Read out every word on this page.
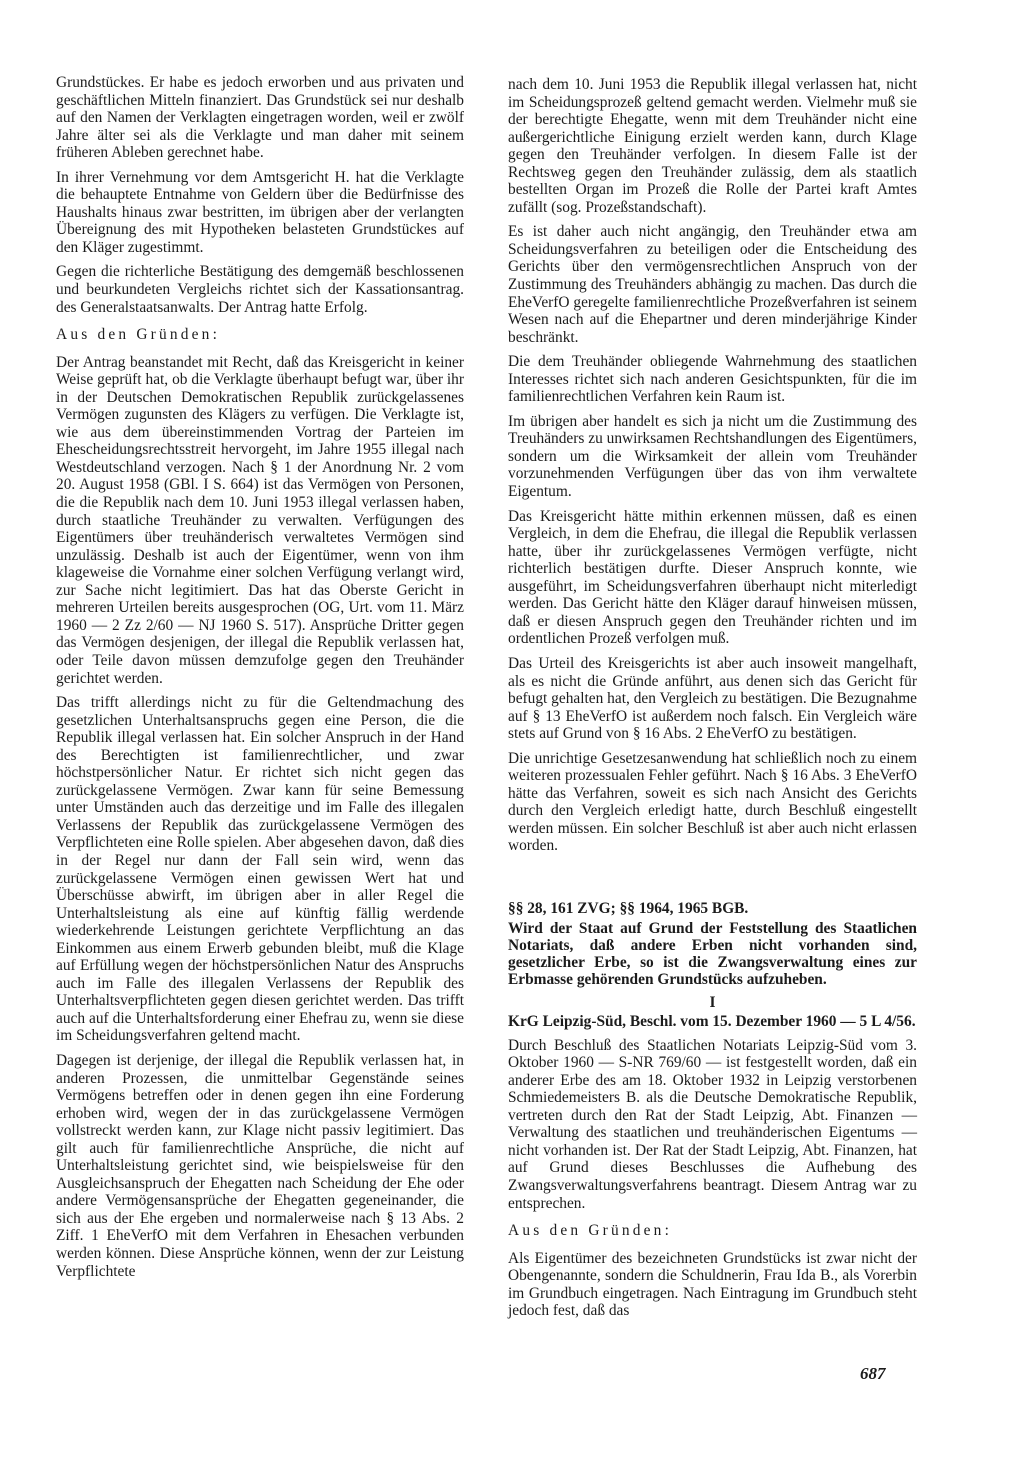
Grundstückes. Er habe es jedoch erworben und aus privaten und geschäftlichen Mitteln finanziert. Das Grundstück sei nur deshalb auf den Namen der Verklagten eingetragen worden, weil er zwölf Jahre älter sei als die Verklagte und man daher mit seinem früheren Ableben gerechnet habe.

In ihrer Vernehmung vor dem Amtsgericht H. hat die Verklagte die behauptete Entnahme von Geldern über die Bedürfnisse des Haushalts hinaus zwar bestritten, im übrigen aber der verlangten Übereignung des mit Hypotheken belasteten Grundstückes auf den Kläger zugestimmt.

Gegen die richterliche Bestätigung des demgemäß beschlossenen und beurkundeten Vergleichs richtet sich der Kassationsantrag. des Generalstaatsanwalts. Der Antrag hatte Erfolg.

Aus den Gründen:

Der Antrag beanstandet mit Recht, daß das Kreisgericht in keiner Weise geprüft hat, ob die Verklagte überhaupt befugt war, über ihr in der Deutschen Demokratischen Republik zurückgelassenes Vermögen zugunsten des Klägers zu verfügen. Die Verklagte ist, wie aus dem übereinstimmenden Vortrag der Parteien im Ehescheidungsrechtsstreit hervorgeht, im Jahre 1955 illegal nach Westdeutschland verzogen. Nach § 1 der Anordnung Nr. 2 vom 20. August 1958 (GBl. I S. 664) ist das Vermögen von Personen, die die Republik nach dem 10. Juni 1953 illegal verlassen haben, durch staatliche Treuhänder zu verwalten. Verfügungen des Eigentümers über treuhänderisch verwaltetes Vermögen sind unzulässig. Deshalb ist auch der Eigentümer, wenn von ihm klageweise die Vornahme einer solchen Verfügung verlangt wird, zur Sache nicht legitimiert. Das hat das Oberste Gericht in mehreren Urteilen bereits ausgesprochen (OG, Urt. vom 11. März 1960 — 2 Zz 2/60 — NJ 1960 S. 517). Ansprüche Dritter gegen das Vermögen desjenigen, der illegal die Republik verlassen hat, oder Teile davon müssen demzufolge gegen den Treuhänder gerichtet werden.

Das trifft allerdings nicht zu für die Geltendmachung des gesetzlichen Unterhaltsanspruchs gegen eine Person, die die Republik illegal verlassen hat. Ein solcher Anspruch in der Hand des Berechtigten ist familienrechtlicher, und zwar höchstpersönlicher Natur. Er richtet sich nicht gegen das zurückgelassene Vermögen. Zwar kann für seine Bemessung unter Umständen auch das derzeitige und im Falle des illegalen Verlassens der Republik das zurückgelassene Vermögen des Verpflichteten eine Rolle spielen. Aber abgesehen davon, daß dies in der Regel nur dann der Fall sein wird, wenn das zurückgelassene Vermögen einen gewissen Wert hat und Überschüsse abwirft, im übrigen aber in aller Regel die Unterhaltsleistung als eine auf künftig fällig werdende wiederkehrende Leistungen gerichtete Verpflichtung an das Einkommen aus einem Erwerb gebunden bleibt, muß die Klage auf Erfüllung wegen der höchstpersönlichen Natur des Anspruchs auch im Falle des illegalen Verlassens der Republik des Unterhaltsverpflichteten gegen diesen gerichtet werden. Das trifft auch auf die Unterhaltsforderung einer Ehefrau zu, wenn sie diese im Scheidungsverfahren geltend macht.

Dagegen ist derjenige, der illegal die Republik verlassen hat, in anderen Prozessen, die unmittelbar Gegenstände seines Vermögens betreffen oder in denen gegen ihn eine Forderung erhoben wird, wegen der in das zurückgelassene Vermögen vollstreckt werden kann, zur Klage nicht passiv legitimiert. Das gilt auch für familienrechtliche Ansprüche, die nicht auf Unterhaltsleistung gerichtet sind, wie beispielsweise für den Ausgleichsanspruch der Ehegatten nach Scheidung der Ehe oder andere Vermögensansprüche der Ehegatten gegeneinander, die sich aus der Ehe ergeben und normalerweise nach § 13 Abs. 2 Ziff. 1 EheVerfO mit dem Verfahren in Ehesachen verbunden werden können. Diese Ansprüche können, wenn der zur Leistung Verpflichtete

nach dem 10. Juni 1953 die Republik illegal verlassen hat, nicht im Scheidungsprozeß geltend gemacht werden. Vielmehr muß sie der berechtigte Ehegatte, wenn mit dem Treuhänder nicht eine außergerichtliche Einigung erzielt werden kann, durch Klage gegen den Treuhänder verfolgen. In diesem Falle ist der Rechtsweg gegen den Treuhänder zulässig, dem als staatlich bestellten Organ im Prozeß die Rolle der Partei kraft Amtes zufällt (sog. Prozeßstandschaft).

Es ist daher auch nicht angängig, den Treuhänder etwa am Scheidungsverfahren zu beteiligen oder die Entscheidung des Gerichts über den vermögensrechtlichen Anspruch von der Zustimmung des Treuhänders abhängig zu machen. Das durch die EheVerfO geregelte familienrechtliche Prozeßverfahren ist seinem Wesen nach auf die Ehepartner und deren minderjährige Kinder beschränkt.

Die dem Treuhänder obliegende Wahrnehmung des staatlichen Interesses richtet sich nach anderen Gesichtspunkten, für die im familienrechtlichen Verfahren kein Raum ist.

Im übrigen aber handelt es sich ja nicht um die Zustimmung des Treuhänders zu unwirksamen Rechtshandlungen des Eigentümers, sondern um die Wirksamkeit der allein vom Treuhänder vorzunehmenden Verfügungen über das von ihm verwaltete Eigentum.

Das Kreisgericht hätte mithin erkennen müssen, daß es einen Vergleich, in dem die Ehefrau, die illegal die Republik verlassen hatte, über ihr zurückgelassenes Vermögen verfügte, nicht richterlich bestätigen durfte. Dieser Anspruch konnte, wie ausgeführt, im Scheidungsverfahren überhaupt nicht miterledigt werden. Das Gericht hätte den Kläger darauf hinweisen müssen, daß er diesen Anspruch gegen den Treuhänder richten und im ordentlichen Prozeß verfolgen muß.

Das Urteil des Kreisgerichts ist aber auch insoweit mangelhaft, als es nicht die Gründe anführt, aus denen sich das Gericht für befugt gehalten hat, den Vergleich zu bestätigen. Die Bezugnahme auf § 13 EheVerfO ist außerdem noch falsch. Ein Vergleich wäre stets auf Grund von § 16 Abs. 2 EheVerfO zu bestätigen.

Die unrichtige Gesetzesanwendung hat schließlich noch zu einem weiteren prozessualen Fehler geführt. Nach § 16 Abs. 3 EheVerfO hätte das Verfahren, soweit es sich nach Ansicht des Gerichts durch den Vergleich erledigt hatte, durch Beschluß eingestellt werden müssen. Ein solcher Beschluß ist aber auch nicht erlassen worden.

§§ 28, 161 ZVG; §§ 1964, 1965 BGB.
Wird der Staat auf Grund der Feststellung des Staatlichen Notariats, daß andere Erben nicht vorhanden sind, gesetzlicher Erbe, so ist die Zwangsverwaltung eines zur Erbmasse gehörenden Grundstücks aufzuheben.
I
KrG Leipzig-Süd, Beschl. vom 15. Dezember 1960 — 5 L 4/56.

Durch Beschluß des Staatlichen Notariats Leipzig-Süd vom 3. Oktober 1960 — S-NR 769/60 — ist festgestellt worden, daß ein anderer Erbe des am 18. Oktober 1932 in Leipzig verstorbenen Schmiedemeisters B. als die Deutsche Demokratische Republik, vertreten durch den Rat der Stadt Leipzig, Abt. Finanzen — Verwaltung des staatlichen und treuhänderischen Eigentums — nicht vorhanden ist. Der Rat der Stadt Leipzig, Abt. Finanzen, hat auf Grund dieses Beschlusses die Aufhebung des Zwangsverwaltungsverfahrens beantragt. Diesem Antrag war zu entsprechen.

Aus den Gründen:

Als Eigentümer des bezeichneten Grundstücks ist zwar nicht der Obengenannte, sondern die Schuldnerin, Frau Ida B., als Vorerbin im Grundbuch eingetragen. Nach Eintragung im Grundbuch steht jedoch fest, daß das

687
